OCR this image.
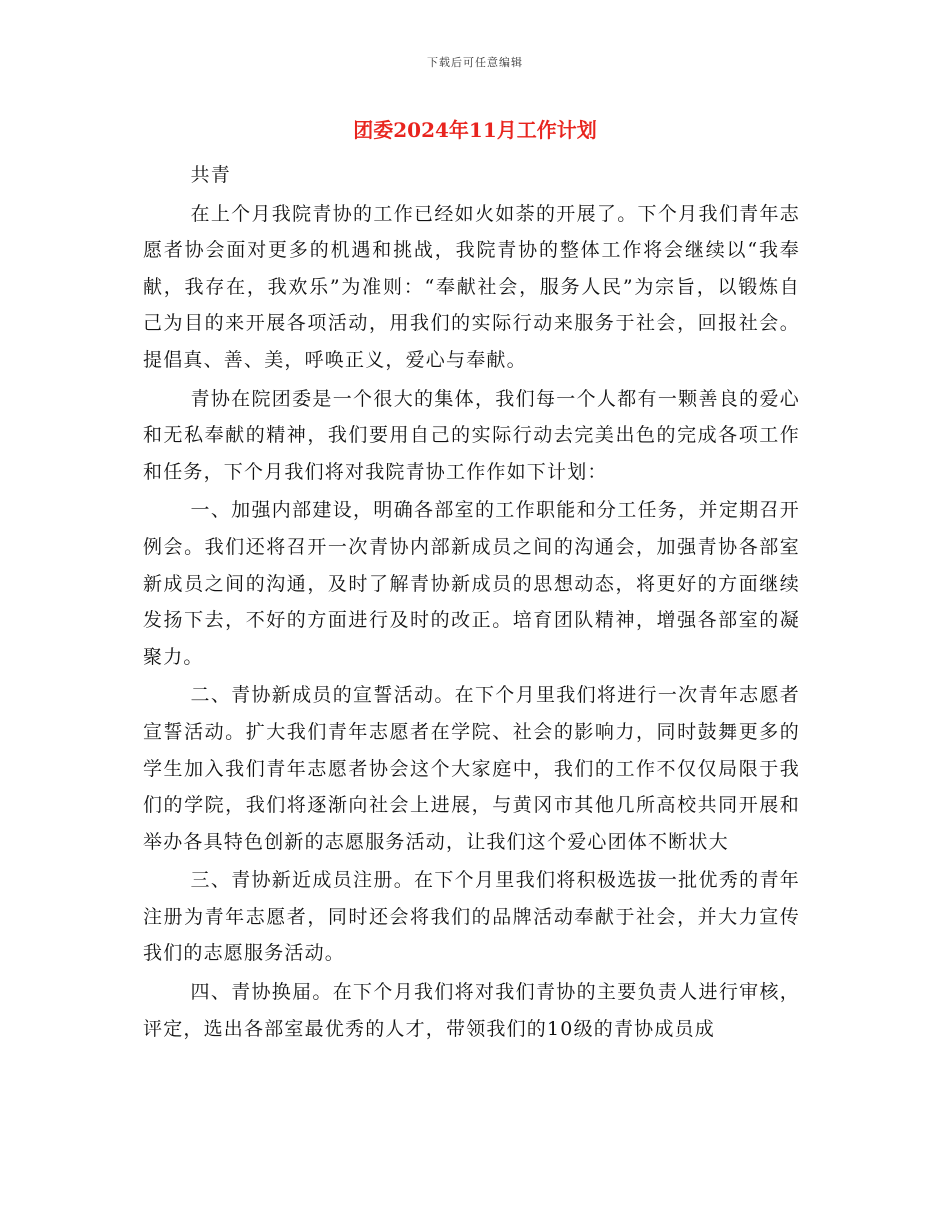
下载后可任意编辑
团委2024年11月工作计划

共青

在上个月我院青协的工作已经如火如荼的开展了。下个月我们青年志愿者协会面对更多的机遇和挑战，我院青协的整体工作将会继续以“我奉献，我存在，我欢乐”为准则：“奉献社会，服务人民”为宗旨，以锻炼自己为目的来开展各项活动，用我们的实际行动来服务于社会，回报社会。提倡真、善、美，呼唤正义，爱心与奉献。

青协在院团委是一个很大的集体，我们每一个人都有一颗善良的爱心和无私奉献的精神，我们要用自己的实际行动去完美出色的完成各项工作和任务，下个月我们将对我院青协工作作如下计划：

一、加强内部建设，明确各部室的工作职能和分工任务，并定期召开例会。我们还将召开一次青协内部新成员之间的沟通会，加强青协各部室新成员之间的沟通，及时了解青协新成员的思想动态，将更好的方面继续发扬下去，不好的方面进行及时的改正。培育团队精神，增强各部室的凝聚力。

二、青协新成员的宣誓活动。在下个月里我们将进行一次青年志愿者宣誓活动。扩大我们青年志愿者在学院、社会的影响力，同时鼓舞更多的学生加入我们青年志愿者协会这个大家庭中，我们的工作不仅仅局限于我们的学院，我们将逐渐向社会上进展，与黄冈市其他几所高校共同开展和举办各具特色创新的志愿服务活动，让我们这个爱心团体不断状大

三、青协新近成员注册。在下个月里我们将积极选拔一批优秀的青年注册为青年志愿者，同时还会将我们的品牌活动奉献于社会，并大力宣传我们的志愿服务活动。

四、青协换届。在下个月我们将对我们青协的主要负责人进行审核，评定，选出各部室最优秀的人才，带领我们的10级的青协成员成
